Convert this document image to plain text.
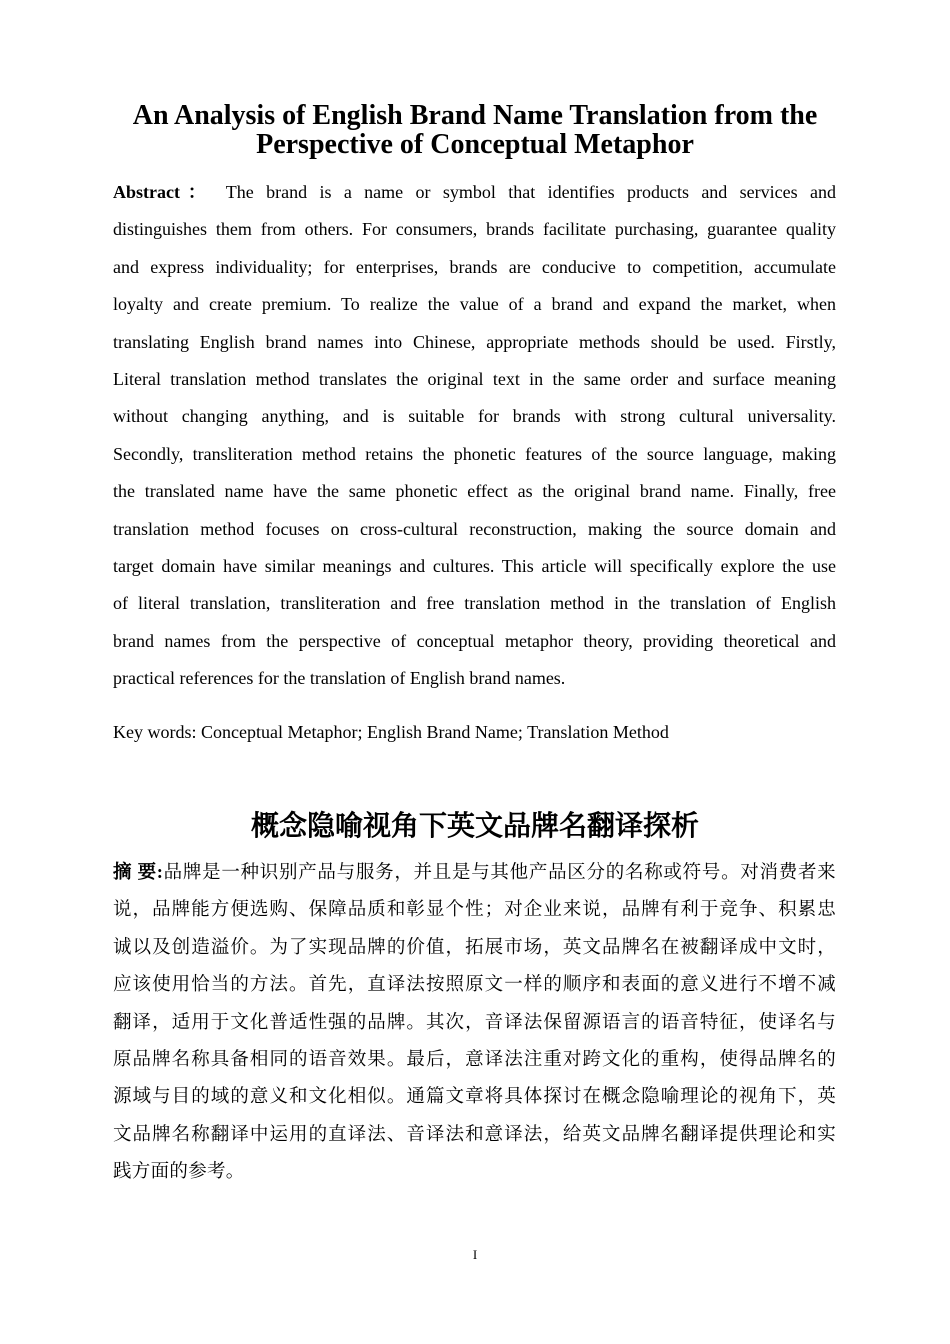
An Analysis of English Brand Name Translation from the
Perspective of Conceptual Metaphor
Abstract： The brand is a name or symbol that identifies products and services and
distinguishes them from others. For consumers, brands facilitate purchasing, guarantee quality
and express individuality; for enterprises, brands are conducive to competition, accumulate
loyalty and create premium. To realize the value of a brand and expand the market, when
translating English brand names into Chinese, appropriate methods should be used. Firstly,
Literal translation method translates the original text in the same order and surface meaning
without changing anything, and is suitable for brands with strong cultural universality.
Secondly, transliteration method retains the phonetic features of the source language, making
the translated name have the same phonetic effect as the original brand name. Finally, free
translation method focuses on cross-cultural reconstruction, making the source domain and
target domain have similar meanings and cultures. This article will specifically explore the use
of literal translation, transliteration and free translation method in the translation of English
brand names from the perspective of conceptual metaphor theory, providing theoretical and
practical references for the translation of English brand names.
Key words: Conceptual Metaphor; English Brand Name; Translation Method
概念隐喻视角下英文品牌名翻译探析
摘 要:品牌是一种识别产品与服务，并且是与其他产品区分的名称或符号。对消费者来
说，品牌能方便选购、保障品质和彰显个性；对企业来说，品牌有利于竞争、积累忠
诚以及创造溢价。为了实现品牌的价值，拓展市场，英文品牌名在被翻译成中文时，
应该使用恰当的方法。首先，直译法按照原文一样的顺序和表面的意义进行不增不减
翻译，适用于文化普适性强的品牌。其次，音译法保留源语言的语音特征，使译名与
原品牌名称具备相同的语音效果。最后，意译法注重对跨文化的重构，使得品牌名的
源域与目的域的意义和文化相似。通篇文章将具体探讨在概念隐喻理论的视角下，英
文品牌名称翻译中运用的直译法、音译法和意译法，给英文品牌名翻译提供理论和实
践方面的参考。
I
